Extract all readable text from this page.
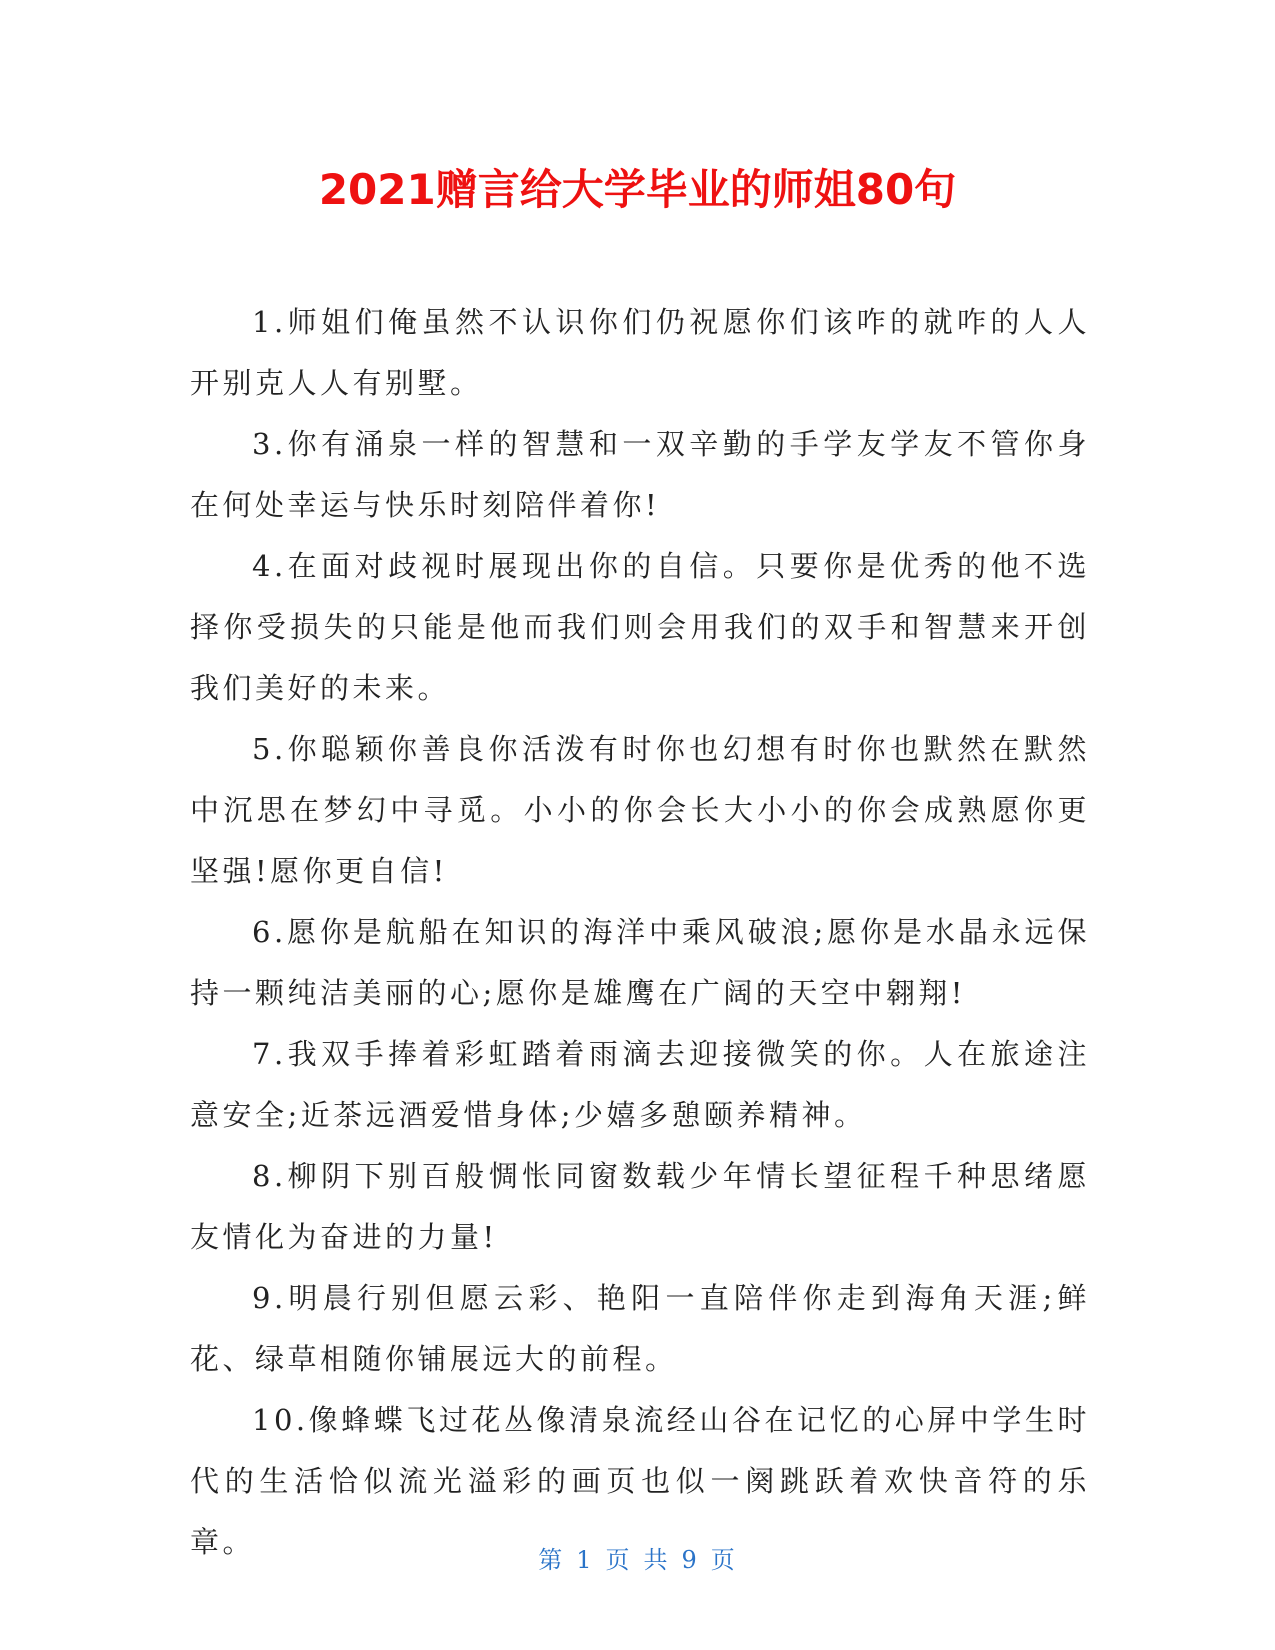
2021赠言给大学毕业的师姐80句

1.师姐们俺虽然不认识你们仍祝愿你们该咋的就咋的人人开别克人人有别墅。

3.你有涌泉一样的智慧和一双辛勤的手学友学友不管你身在何处幸运与快乐时刻陪伴着你!

4.在面对歧视时展现出你的自信。只要你是优秀的他不选择你受损失的只能是他而我们则会用我们的双手和智慧来开创我们美好的未来。

5.你聪颖你善良你活泼有时你也幻想有时你也默然在默然中沉思在梦幻中寻觅。小小的你会长大小小的你会成熟愿你更坚强!愿你更自信!

6.愿你是航船在知识的海洋中乘风破浪;愿你是水晶永远保持一颗纯洁美丽的心;愿你是雄鹰在广阔的天空中翱翔!

7.我双手捧着彩虹踏着雨滴去迎接微笑的你。人在旅途注意安全;近茶远酒爱惜身体;少嬉多憩颐养精神。

8.柳阴下别百般惆怅同窗数载少年情长望征程千种思绪愿友情化为奋进的力量!

9.明晨行别但愿云彩、艳阳一直陪伴你走到海角天涯;鲜花、绿草相随你铺展远大的前程。

10.像蜂蝶飞过花丛像清泉流经山谷在记忆的心屏中学生时代的生活恰似流光溢彩的画页也似一阕跳跃着欢快音符的乐章。

第 1 页 共 9 页
